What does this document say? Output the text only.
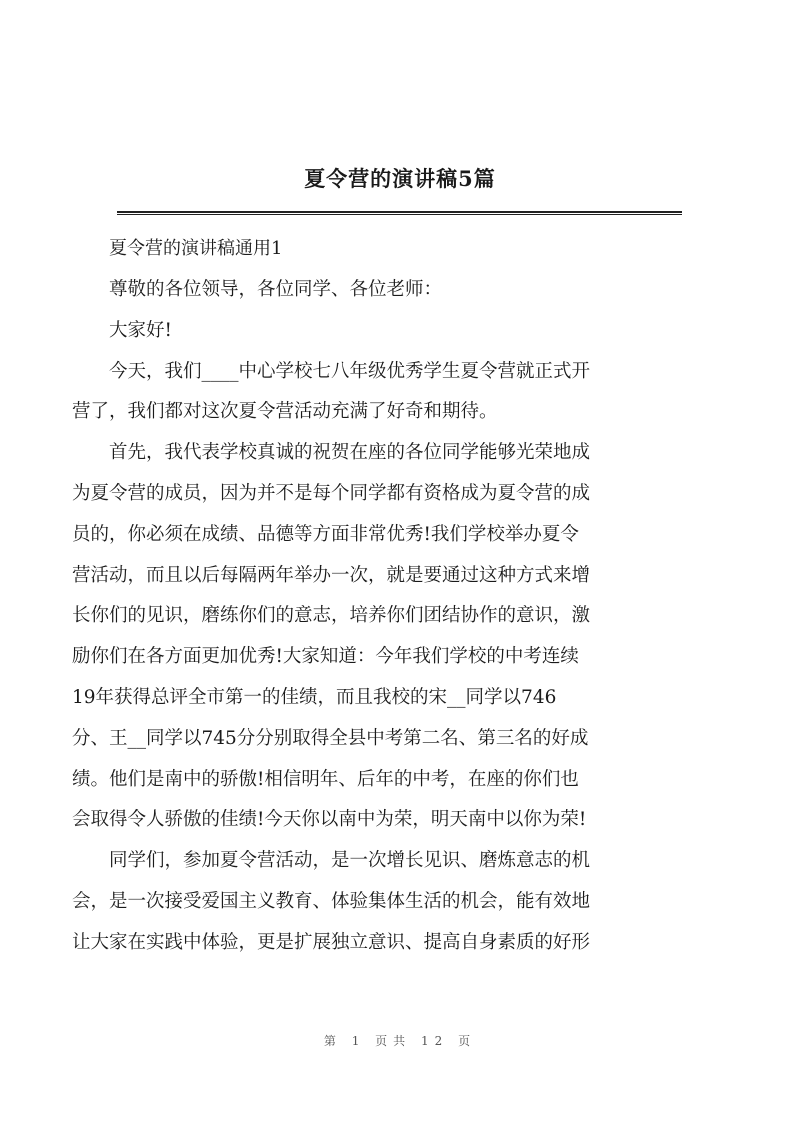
夏令营的演讲稿5篇
夏令营的演讲稿通用1

尊敬的各位领导，各位同学、各位老师：

大家好!

今天，我们____中心学校七八年级优秀学生夏令营就正式开
营了，我们都对这次夏令营活动充满了好奇和期待。

首先，我代表学校真诚的祝贺在座的各位同学能够光荣地成
为夏令营的成员，因为并不是每个同学都有资格成为夏令营的成
员的，你必须在成绩、品德等方面非常优秀!我们学校举办夏令
营活动，而且以后每隔两年举办一次，就是要通过这种方式来增
长你们的见识，磨练你们的意志，培养你们团结协作的意识，激
励你们在各方面更加优秀!大家知道：今年我们学校的中考连续
19年获得总评全市第一的佳绩，而且我校的宋__同学以746
分、王__同学以745分分别取得全县中考第二名、第三名的好成
绩。他们是南中的骄傲!相信明年、后年的中考，在座的你们也
会取得令人骄傲的佳绩!今天你以南中为荣，明天南中以你为荣!

同学们，参加夏令营活动，是一次增长见识、磨炼意志的机
会，是一次接受爱国主义教育、体验集体生活的机会，能有效地
让大家在实践中体验，更是扩展独立意识、提高自身素质的好形

第 1 页共 12 页
